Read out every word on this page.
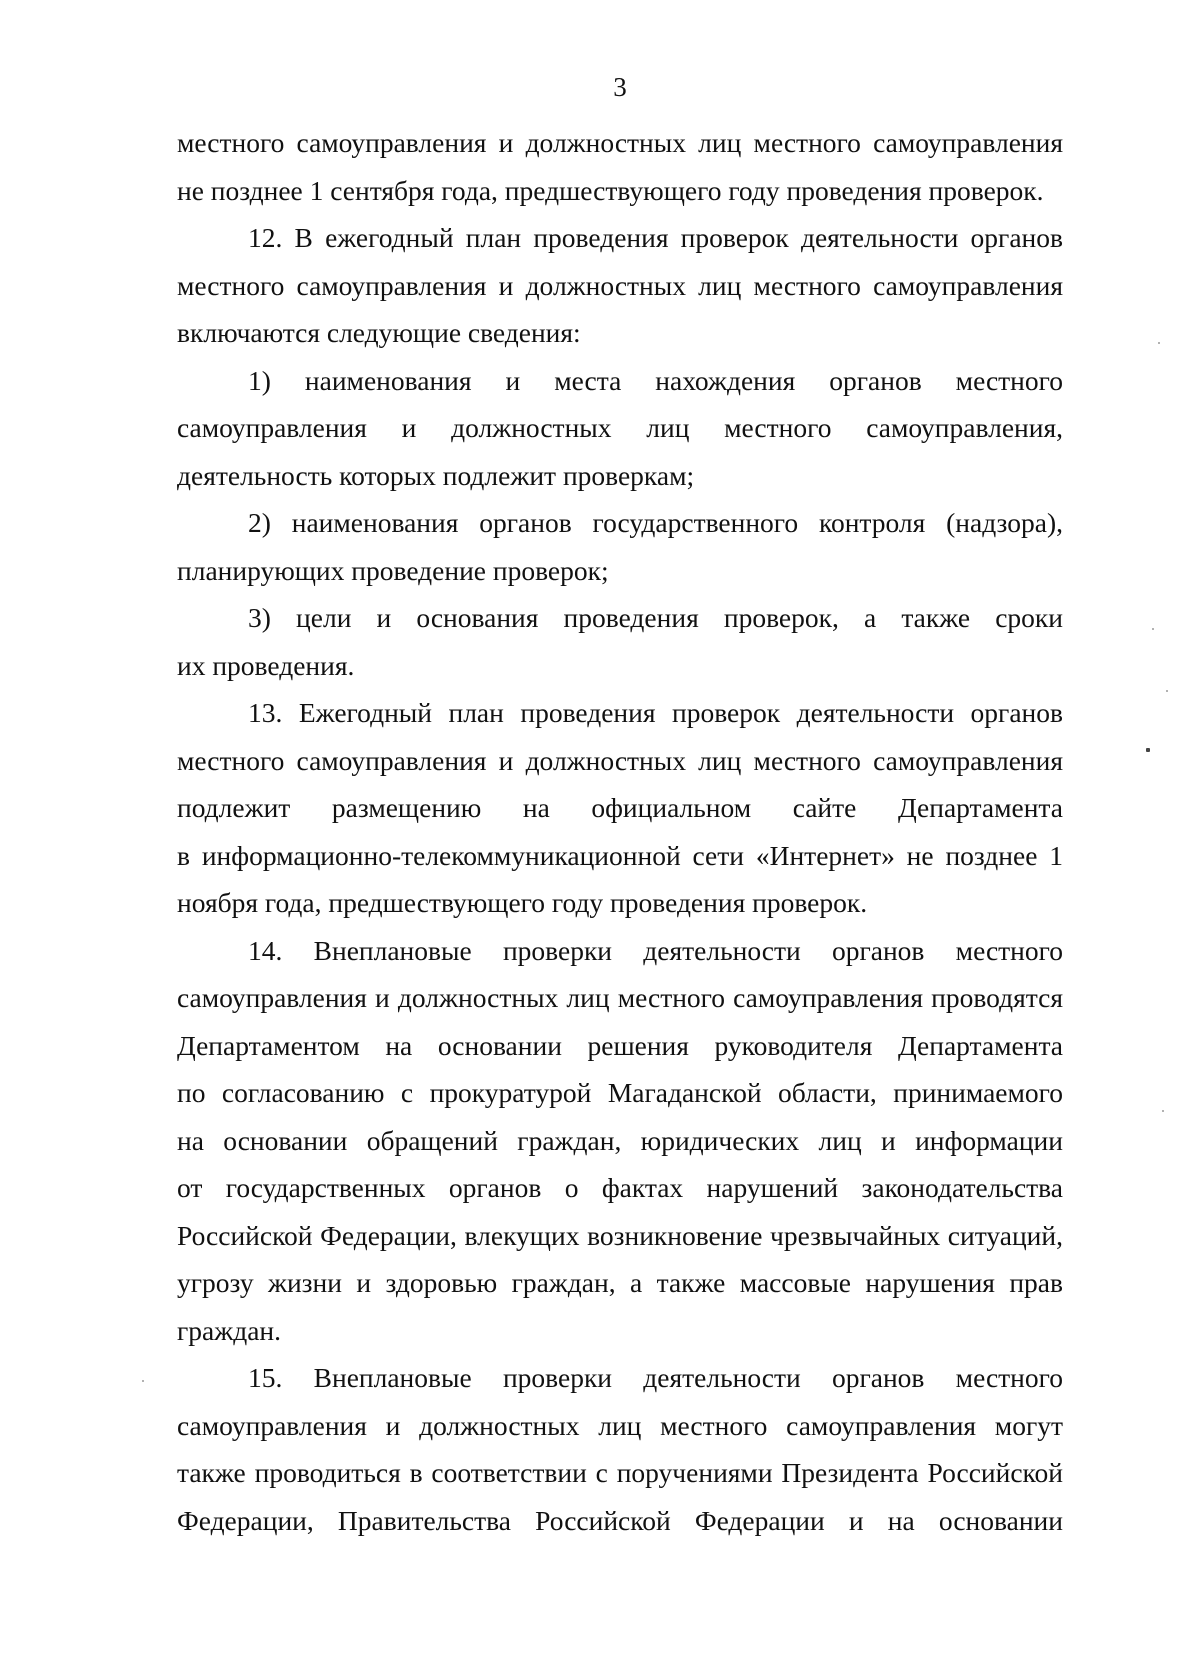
3
местного самоуправления и должностных лиц местного самоуправления
не позднее 1 сентября года, предшествующего году проведения проверок.
12. В ежегодный план проведения проверок деятельности органов
местного самоуправления и должностных лиц местного самоуправления
включаются следующие сведения:
1) наименования и места нахождения органов местного
самоуправления и должностных лиц местного самоуправления,
деятельность которых подлежит проверкам;
2) наименования органов государственного контроля (надзора),
планирующих проведение проверок;
3) цели и основания проведения проверок, а также сроки
их проведения.
13. Ежегодный план проведения проверок деятельности органов
местного самоуправления и должностных лиц местного самоуправления
подлежит размещению на официальном сайте Департамента
в информационно-телекоммуникационной сети «Интернет» не позднее 1
ноября года, предшествующего году проведения проверок.
14. Внеплановые проверки деятельности органов местного
самоуправления и должностных лиц местного самоуправления проводятся
Департаментом на основании решения руководителя Департамента
по согласованию с прокуратурой Магаданской области, принимаемого
на основании обращений граждан, юридических лиц и информации
от государственных органов о фактах нарушений законодательства
Российской Федерации, влекущих возникновение чрезвычайных ситуаций,
угрозу жизни и здоровью граждан, а также массовые нарушения прав
граждан.
15. Внеплановые проверки деятельности органов местного
самоуправления и должностных лиц местного самоуправления могут
также проводиться в соответствии с поручениями Президента Российской
Федерации, Правительства Российской Федерации и на основании
